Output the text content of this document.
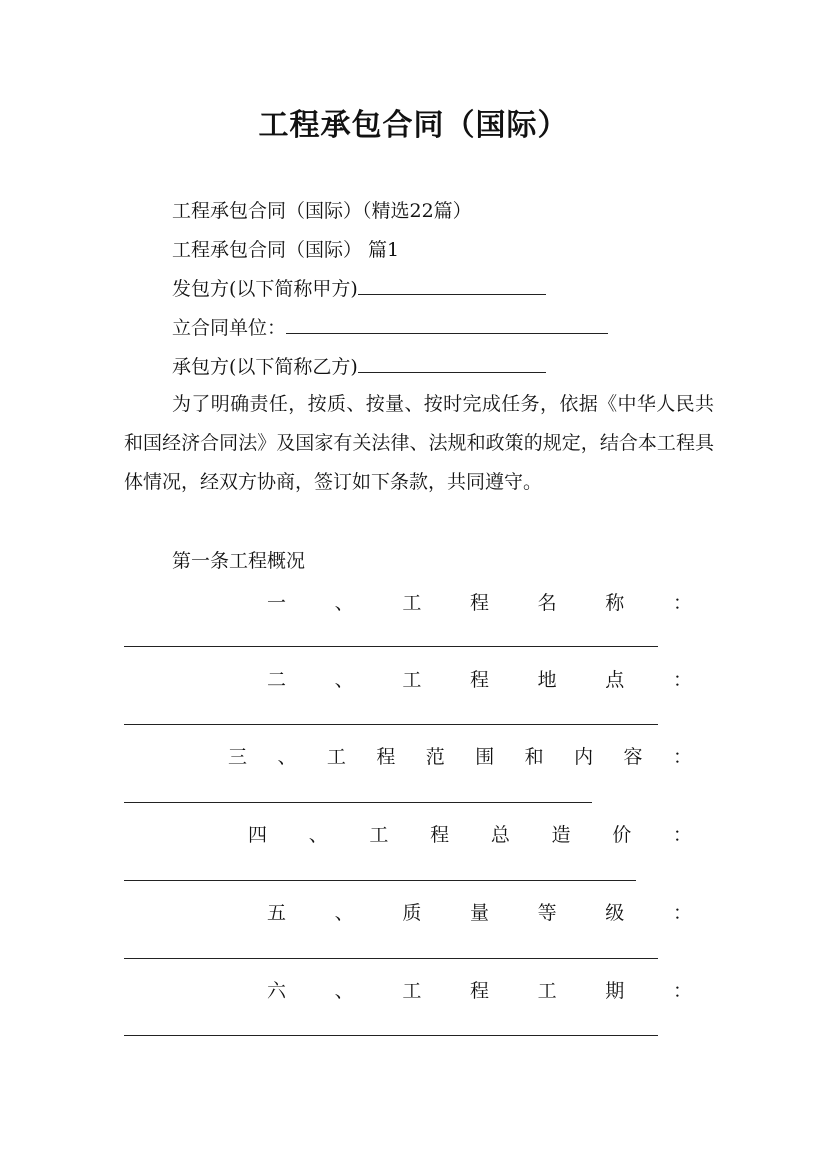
工程承包合同（国际）
工程承包合同（国际）（精选22篇）
工程承包合同（国际） 篇1
发包方(以下简称甲方)
立合同单位：
承包方(以下简称乙方)
为了明确责任，按质、按量、按时完成任务，依据《中华人民共和国经济合同法》及国家有关法律、法规和政策的规定，结合本工程具体情况，经双方协商，签订如下条款，共同遵守。
第一条工程概况
一	、	工	程	名	称	：
二	、	工	程	地	点	：
三 、 工 程 范 围 和 内 容 ：
四 、 工 程 总 造 价 ：
五	、	质	量	等	级	：
六	、	工	程	工	期	：
